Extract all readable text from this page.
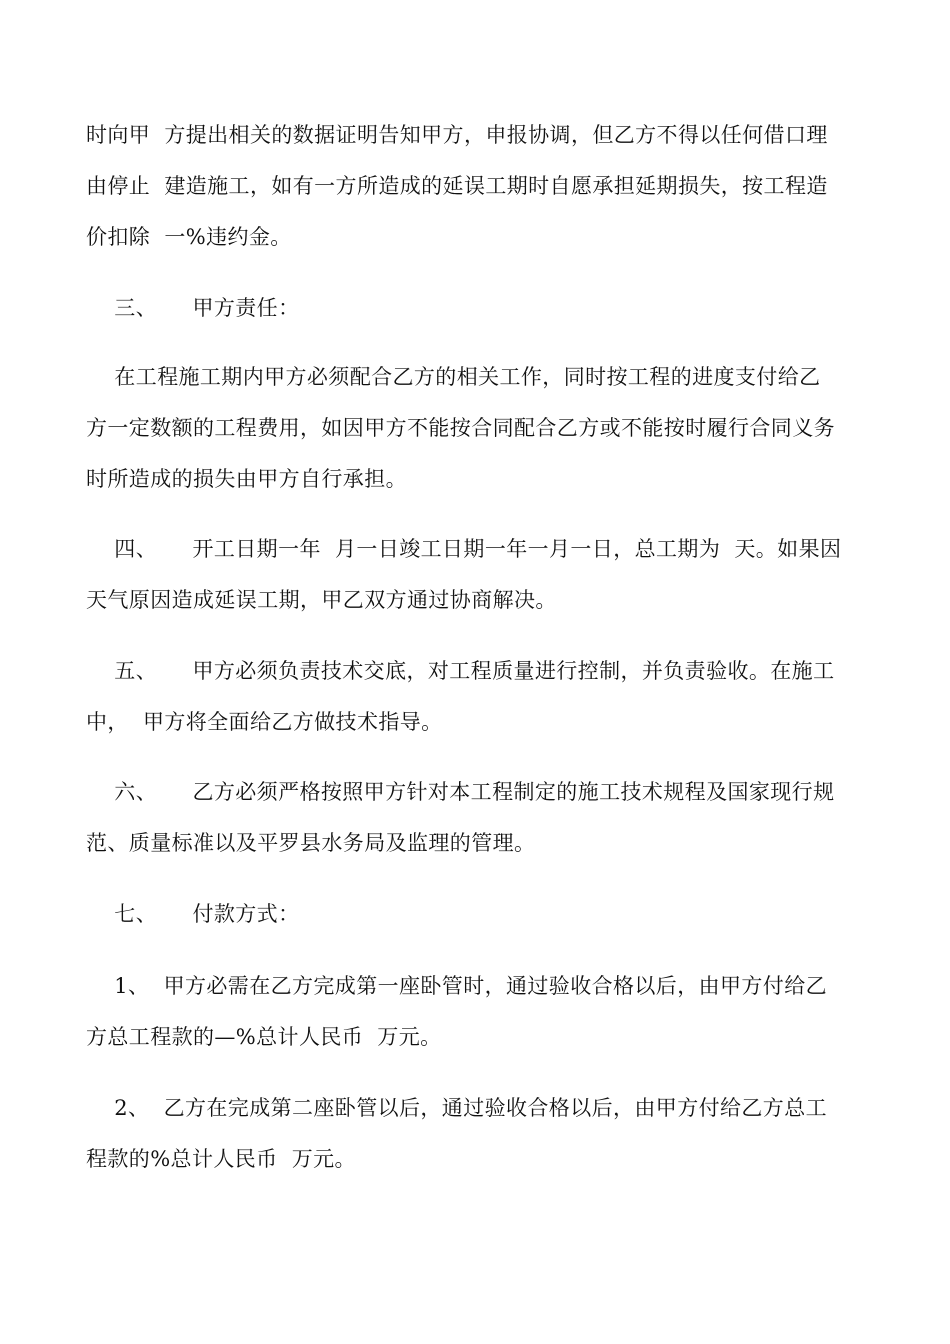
时向甲  方提出相关的数据证明告知甲方，申报协调，但乙方不得以任何借口理
由停止  建造施工，如有一方所造成的延误工期时自愿承担延期损失，按工程造
价扣除  一%违约金。
三、     甲方责任：
在工程施工期内甲方必须配合乙方的相关工作，同时按工程的进度支付给乙
方一定数额的工程费用，如因甲方不能按合同配合乙方或不能按时履行合同义务
时所造成的损失由甲方自行承担。
四、     开工日期一年  月一日竣工日期一年一月一日，总工期为  天。如果因
天气原因造成延误工期，甲乙双方通过协商解决。
五、     甲方必须负责技术交底，对工程质量进行控制，并负责验收。在施工
中，  甲方将全面给乙方做技术指导。
六、     乙方必须严格按照甲方针对本工程制定的施工技术规程及国家现行规
范、质量标准以及平罗县水务局及监理的管理。
七、     付款方式：
1、  甲方必需在乙方完成第一座卧管时，通过验收合格以后，由甲方付给乙
方总工程款的—%总计人民币  万元。
2、  乙方在完成第二座卧管以后，通过验收合格以后，由甲方付给乙方总工
程款的%总计人民币  万元。
